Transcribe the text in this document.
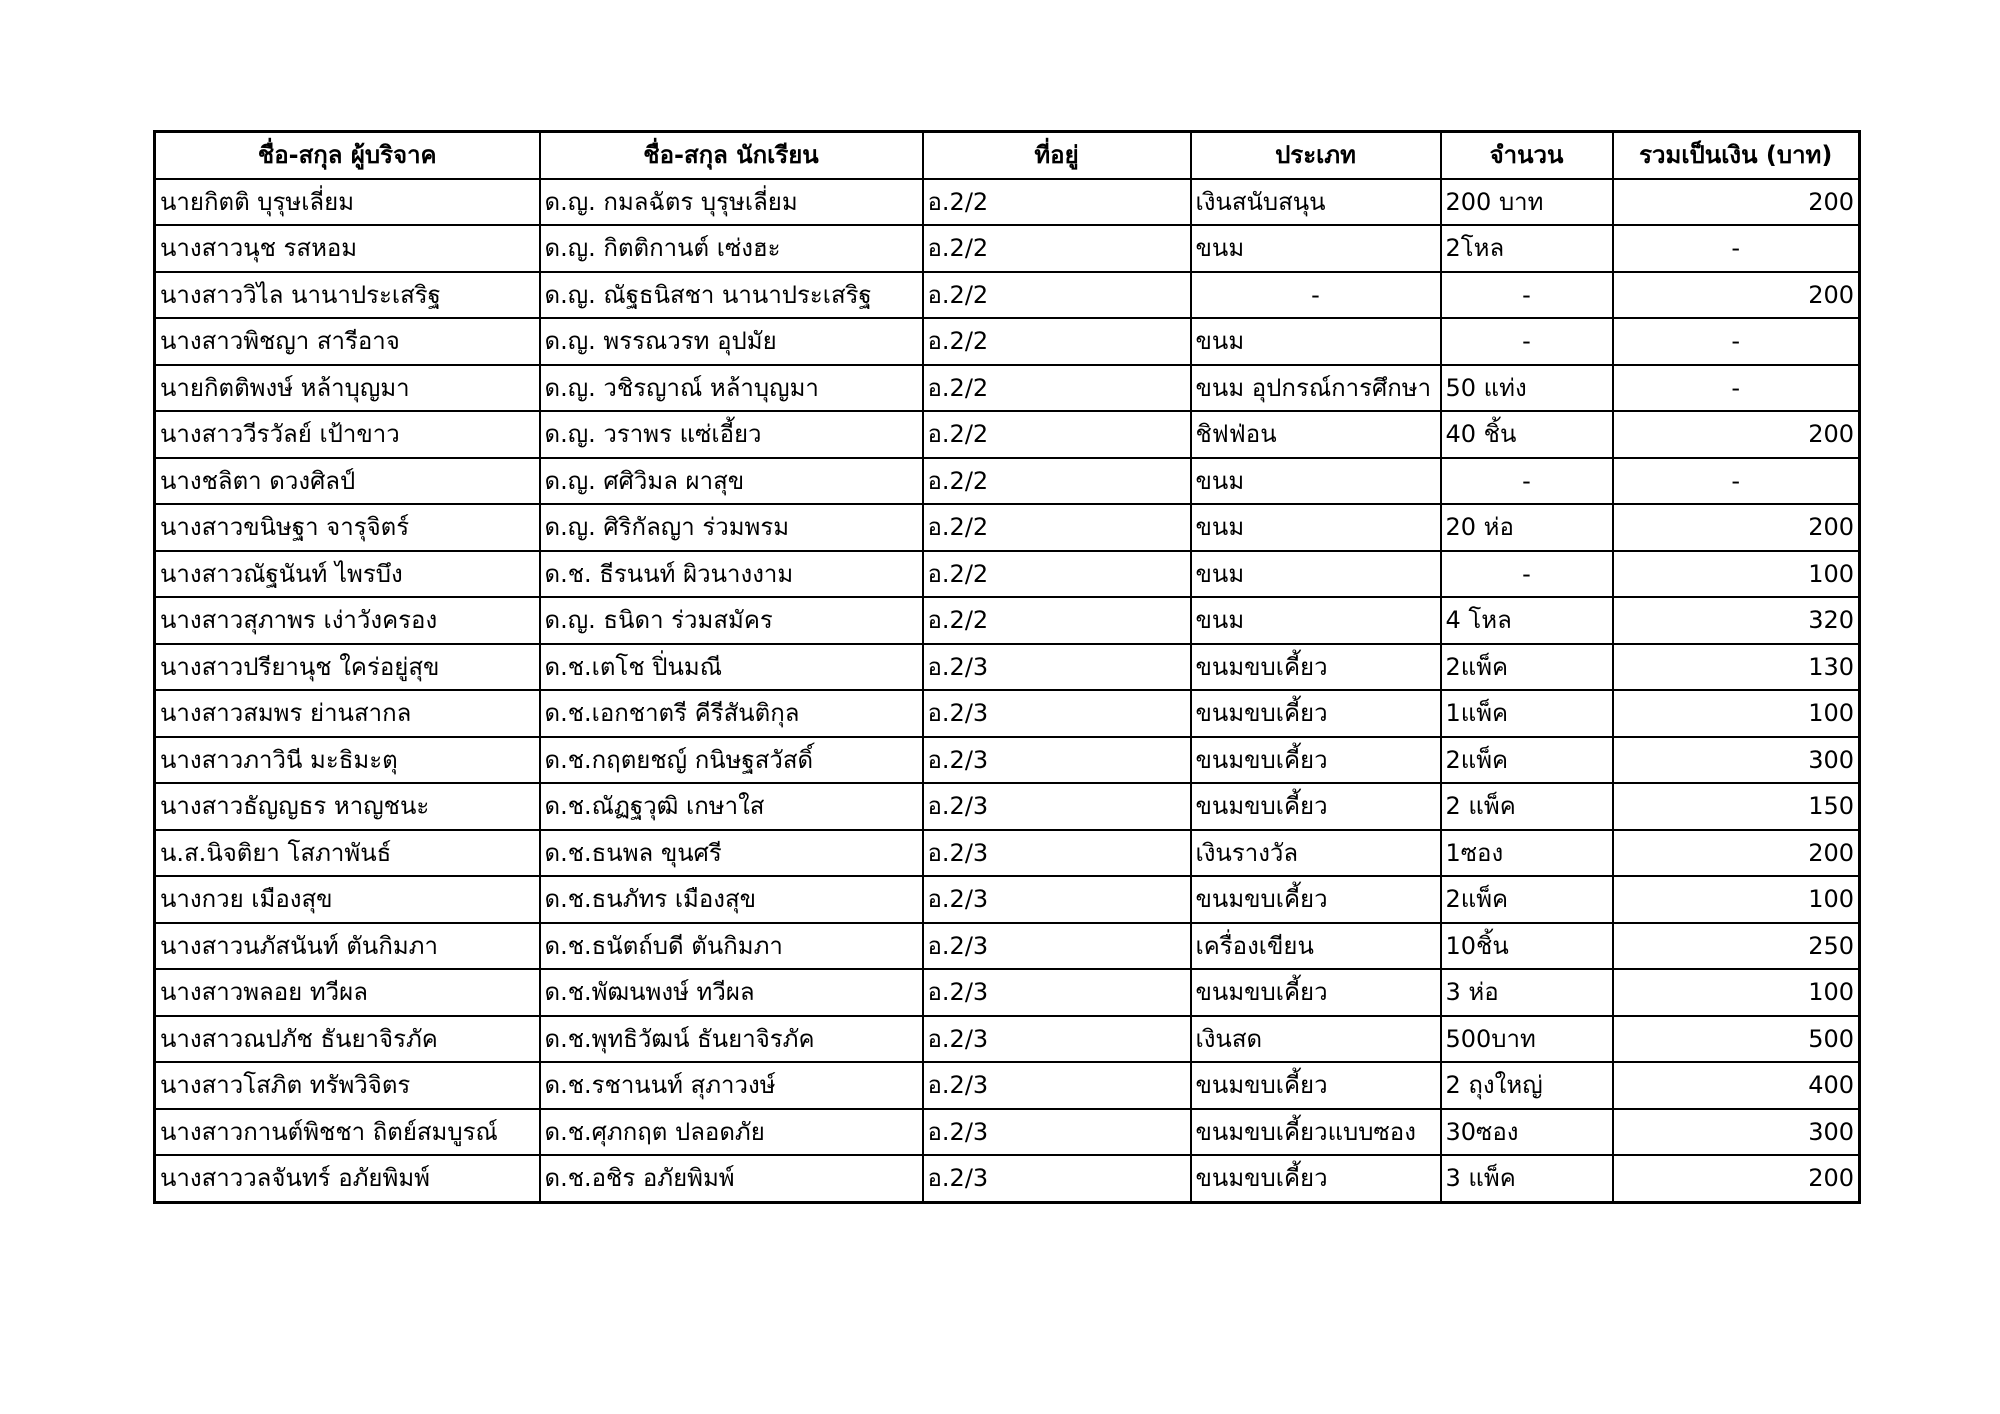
ชื่อ-สกุล ผู้บริจาค	ชื่อ-สกุล นักเรียน	ที่อยู่	ประเภท	จำนวน	รวมเป็นเงิน (บาท)
นายกิตติ บุรุษเลี่ยม	ด.ญ. กมลฉัตร บุรุษเลี่ยม	อ.2/2	เงินสนับสนุน	200 บาท	200
นางสาวนุช รสหอม	ด.ญ. กิตติกานต์ เซ่งฮะ	อ.2/2	ขนม	2โหล	-
นางสาววิไล นานาประเสริฐ	ด.ญ. ณัฐธนิสชา นานาประเสริฐ	อ.2/2	-	-	200
นางสาวพิชญา สารีอาจ	ด.ญ. พรรณวรท อุปมัย	อ.2/2	ขนม	-	-
นายกิตติพงษ์ หล้าบุญมา	ด.ญ. วชิรญาณ์ หล้าบุญมา	อ.2/2	ขนม อุปกรณ์การศึกษา	50 แท่ง	-
นางสาววีรวัลย์ เป้าขาว	ด.ญ. วราพร แซ่เอี้ยว	อ.2/2	ชิฟฟ่อน	40 ชิ้น	200
นางชลิตา ดวงศิลป์	ด.ญ. ศศิวิมล ผาสุข	อ.2/2	ขนม	-	-
นางสาวขนิษฐา จารุจิตร์	ด.ญ. ศิริกัลญา ร่วมพรม	อ.2/2	ขนม	20 ห่อ	200
นางสาวณัฐนันท์ ไพรบึง	ด.ช. ธีรนนท์ ผิวนางงาม	อ.2/2	ขนม	-	100
นางสาวสุภาพร เง่าวังครอง	ด.ญ. ธนิดา ร่วมสมัคร	อ.2/2	ขนม	4 โหล	320
นางสาวปรียานุช ใคร่อยู่สุข	ด.ช.เตโช ปิ่นมณี	อ.2/3	ขนมขบเคี้ยว	2แพ็ค	130
นางสาวสมพร ย่านสากล	ด.ช.เอกชาตรี คีรีสันติกุล	อ.2/3	ขนมขบเคี้ยว	1แพ็ค	100
นางสาวภาวินี มะธิมะตุ	ด.ช.กฤตยชญ์ กนิษฐสวัสดิ์	อ.2/3	ขนมขบเคี้ยว	2แพ็ค	300
นางสาวธัญญธร หาญชนะ	ด.ช.ณัฏฐวุฒิ เกษาใส	อ.2/3	ขนมขบเคี้ยว	2 แพ็ค	150
น.ส.นิจติยา โสภาพันธ์	ด.ช.ธนพล ขุนศรี	อ.2/3	เงินรางวัล	1ซอง	200
นางกวย เมืองสุข	ด.ช.ธนภัทร เมืองสุข	อ.2/3	ขนมขบเคี้ยว	2แพ็ค	100
นางสาวนภัสนันท์ ตันกิมภา	ด.ช.ธนัตถ์บดี ตันกิมภา	อ.2/3	เครื่องเขียน	10ชิ้น	250
นางสาวพลอย ทวีผล	ด.ช.พัฒนพงษ์ ทวีผล	อ.2/3	ขนมขบเคี้ยว	3 ห่อ	100
นางสาวณปภัช ธันยาจิรภัค	ด.ช.พุทธิวัฒน์ ธันยาจิรภัค	อ.2/3	เงินสด	500บาท	500
นางสาวโสภิต ทรัพวิจิตร	ด.ช.รชานนท์ สุภาวงษ์	อ.2/3	ขนมขบเคี้ยว	2 ถุงใหญ่	400
นางสาวกานต์พิชชา ถิตย์สมบูรณ์	ด.ช.ศุภกฤต ปลอดภัย	อ.2/3	ขนมขบเคี้ยวแบบซอง	30ซอง	300
นางสาววลจันทร์ อภัยพิมพ์	ด.ช.อชิร อภัยพิมพ์	อ.2/3	ขนมขบเคี้ยว	3 แพ็ค	200
